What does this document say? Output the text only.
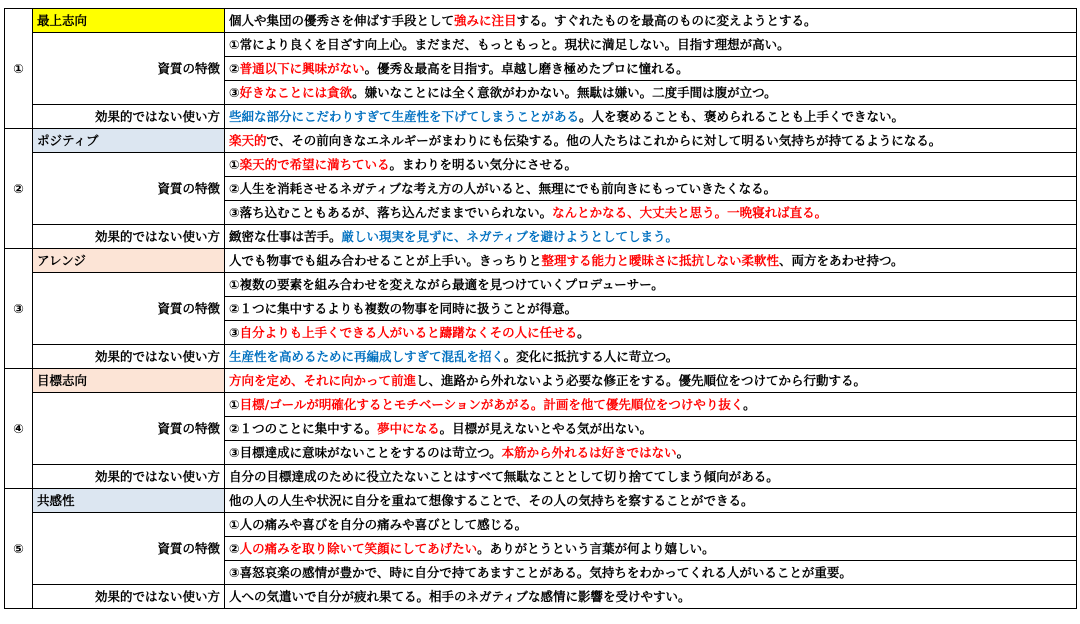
①	最上志向	個人や集団の優秀さを伸ばす手段として強みに注目する。すぐれたものを最高のものに変えようとする。
	資質の特徴	①常により良くを目ざす向上心。まだまだ、もっともっと。現状に満足しない。目指す理想が高い。
		②普通以下に興味がない。優秀＆最高を目指す。卓越し磨き極めたプロに憧れる。
		③好きなことには貪欲。嫌いなことには全く意欲がわかない。無駄は嫌い。二度手間は腹が立つ。
	効果的ではない使い方	些細な部分にこだわりすぎて生産性を下げてしまうことがある。人を褒めることも、褒められることも上手くできない。
②	ポジティブ	楽天的で、その前向きなエネルギーがまわりにも伝染する。他の人たちはこれからに対して明るい気持ちが持てるようになる。
	資質の特徴	①楽天的で希望に満ちている。まわりを明るい気分にさせる。
		②人生を消耗させるネガティブな考え方の人がいると、無理にでも前向きにもっていきたくなる。
		③落ち込むこともあるが、落ち込んだままでいられない。なんとかなる、大丈夫と思う。一晩寝れば直る。
	効果的ではない使い方	緻密な仕事は苦手。厳しい現実を見ずに、ネガティブを避けようとしてしまう。
③	アレンジ	人でも物事でも組み合わせることが上手い。きっちりと整理する能力と曖昧さに抵抗しない柔軟性、両方をあわせ持つ。
	資質の特徴	①複数の要素を組み合わせを変えながら最適を見つけていくプロデューサー。
		②１つに集中するよりも複数の物事を同時に扱うことが得意。
		③自分よりも上手くできる人がいると躊躇なくその人に任せる。
	効果的ではない使い方	生産性を高めるために再編成しすぎて混乱を招く。変化に抵抗する人に苛立つ。
④	目標志向	方向を定め、それに向かって前進し、進路から外れないよう必要な修正をする。優先順位をつけてから行動する。
	資質の特徴	①目標/ゴールが明確化するとモチベーションがあがる。計画を他て優先順位をつけやり抜く。
		②１つのことに集中する。夢中になる。目標が見えないとやる気が出ない。
		③目標達成に意味がないことをするのは苛立つ。本筋から外れるは好きではない。
	効果的ではない使い方	自分の目標達成のために役立たないことはすべて無駄なこととして切り捨ててしまう傾向がある。
⑤	共感性	他の人の人生や状況に自分を重ねて想像することで、その人の気持ちを察することができる。
	資質の特徴	①人の痛みや喜びを自分の痛みや喜びとして感じる。
		②人の痛みを取り除いて笑顔にしてあげたい。ありがとうという言葉が何より嬉しい。
		③喜怒哀楽の感情が豊かで、時に自分で持てあますことがある。気持ちをわかってくれる人がいることが重要。
	効果的ではない使い方	人への気遣いで自分が疲れ果てる。相手のネガティブな感情に影響を受けやすい。
